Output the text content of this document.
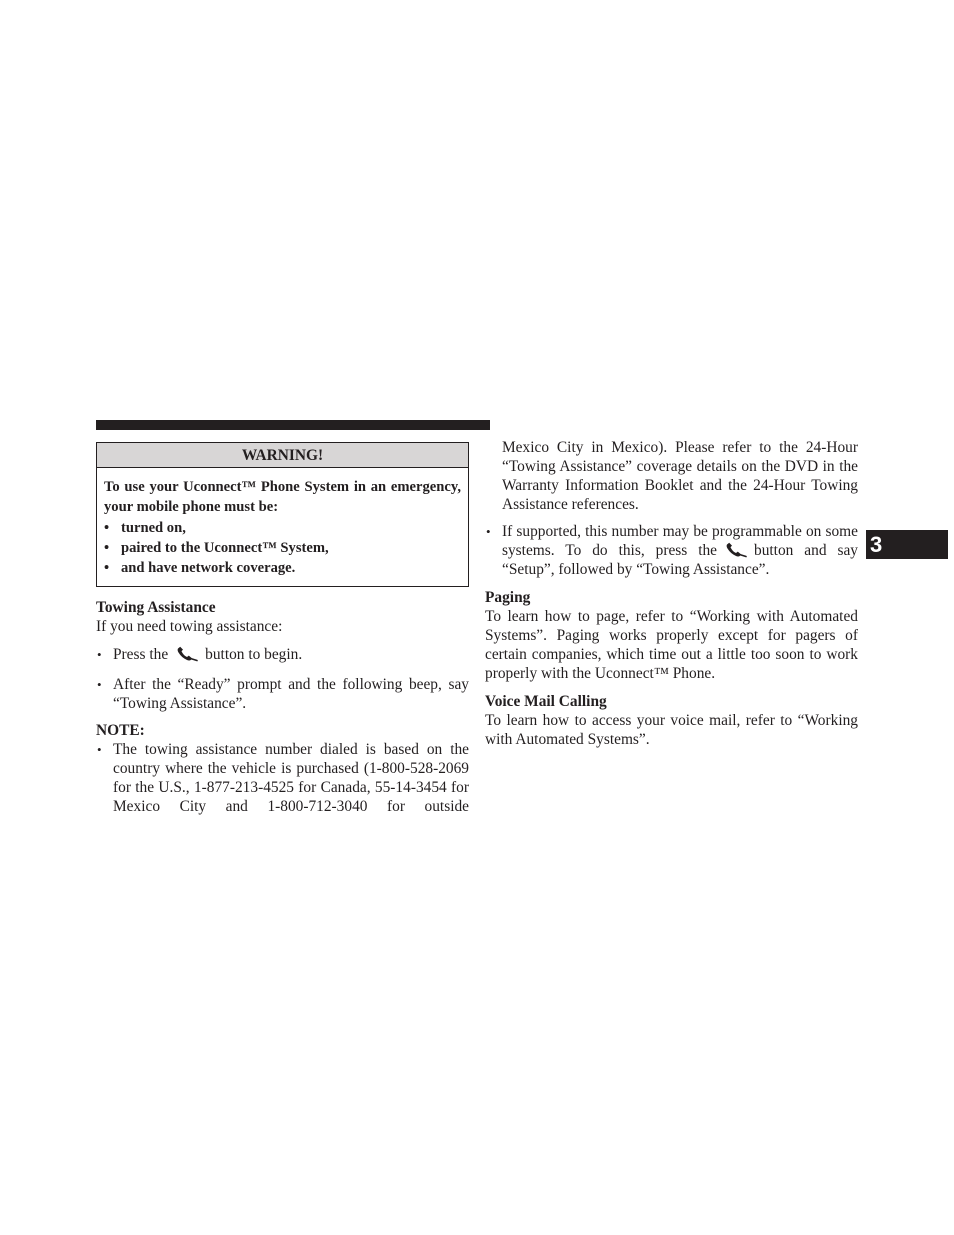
WARNING!

To use your Uconnect™ Phone System in an emergency, your mobile phone must be:

• turned on,
• paired to the Uconnect™ System,
• and have network coverage.
Towing Assistance

If you need towing assistance:

• Press the button to begin.
• After the “Ready” prompt and the following beep, say “Towing Assistance”.
NOTE:
• The towing assistance number dialed is based on the country where the vehicle is purchased (1-800-528-2069 for the U.S., 1-877-213-4525 for Canada, 55-14-3454 for Mexico City and 1-800-712-3040 for outside

Mexico City in Mexico). Please refer to the 24-Hour “Towing Assistance” coverage details on the DVD in the Warranty Information Booklet and the 24-Hour Towing Assistance references.

• If supported, this number may be programmable on some systems. To do this, press the button and say “Setup”, followed by “Towing Assistance”.
Paging

To learn how to page, refer to “Working with Automated Systems”. Paging works properly except for pagers of certain companies, which time out a little too soon to work properly with the Uconnect™ Phone.

Voice Mail Calling

To learn how to access your voice mail, refer to “Working with Automated Systems”.

3
